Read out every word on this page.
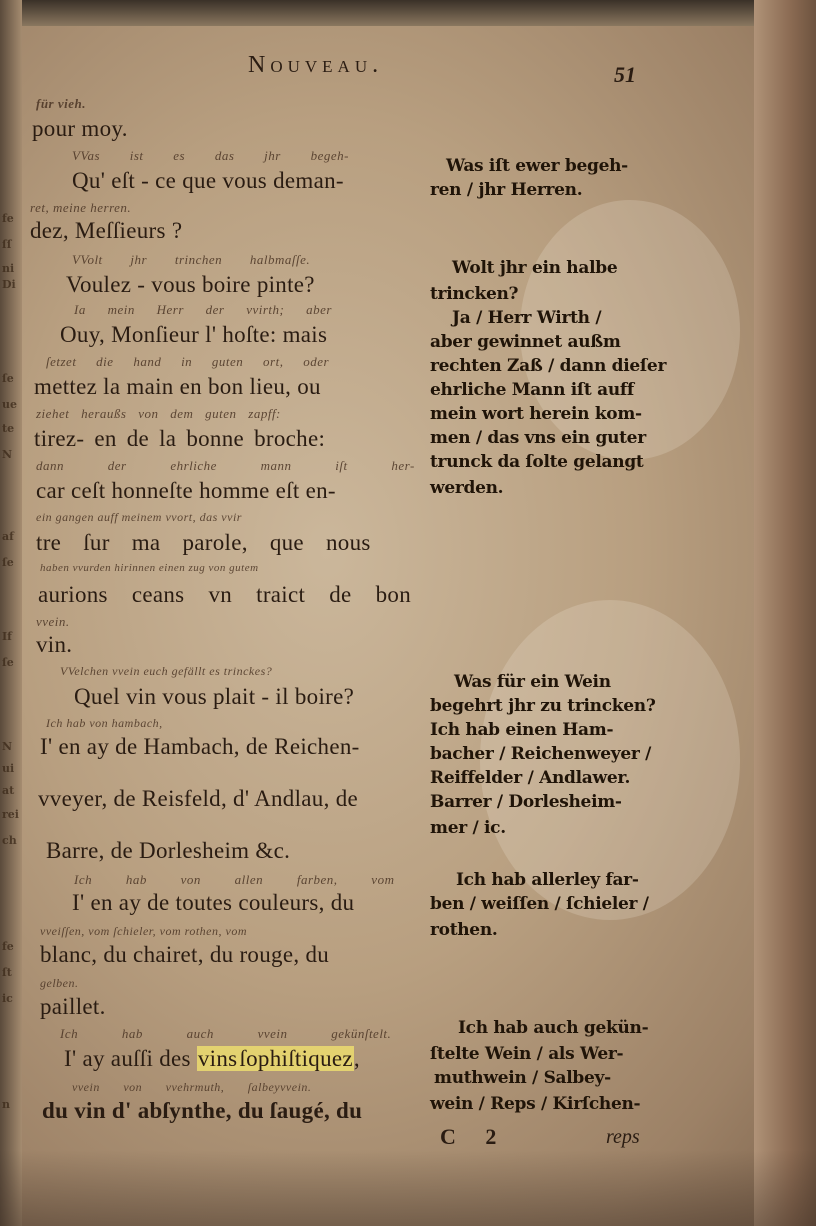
fe
ſſ
ni
Di
ſe
ue
te
N
af
ſe
If
ſe
N
ui
at
rei
ch
fe
ſt
ic
n
Nouveau.	51
für vieh.
pour moy.
VVas ist es das jhr begeh-
Qu' eſt - ce que vous deman-
ret, meine herren.
dez, Meſſieurs ?
VVolt jhr trinchen halbmaſſe.
Voulez - vous boire pinte?
Ia mein Herr der vvirth; aber
Ouy, Monſieur l' hoſte: mais
ſetzet die hand in guten ort, oder
mettez la main en bon lieu, ou
ziehet heraußs von dem guten zapff:
tirez- en de la bonne broche:
dann der ehrliche mann iſt her-
car ceſt honneſte homme eſt en-
ein gangen auff meinem vvort, das vvir
tre ſur ma parole, que nous
haben vvurden hirinnen einen zug von gutem
aurions ceans vn traict de bon
vvein.
vin.
VVelchen vvein euch gefällt es trinckes?
Quel vin vous plait - il boire?
Ich hab von hambach,
I' en ay de Hambach, de Reichen-
vveyer, de Reisfeld, d' Andlau, de
Barre, de Dorlesheim &c.
Ich hab von allen farben, vom
I' en ay de toutes couleurs, du
vveiſſen, vom ſchieler, vom rothen, vom
blanc, du chairet, du rouge, du
gelben.
paillet.
Ich hab auch vvein gekünſtelt.
I' ay auſſi des vinsſophiſtiquez,
vvein von vvehrmuth, ſalbeyvvein.
du vin d' abſynthe, du ſaugé, du
Was iſt ewer begeh-
ren / jhr Herren.
Wolt jhr ein halbe
trincken?
Ja / Herr Wirth /
aber gewinnet außm
rechten Zaß / dann dieſer
ehrliche Mann iſt auff
mein wort herein kom-
men / das vns ein guter
trunck da ſolte gelangt
werden.
Was für ein Wein
begehrt jhr zu trincken?
Ich hab einen Ham-
bacher / Reichenweyer /
Reiffelder / Andlawer.
Barrer / Dorlesheim-
mer / ic.
Ich hab allerley far-
ben / weiſſen / ſchieler /
rothen.
Ich hab auch gekün-
ſtelte Wein / als Wer-
muthwein / Salbey-
wein / Reps / Kirſchen-
C 2	reps
